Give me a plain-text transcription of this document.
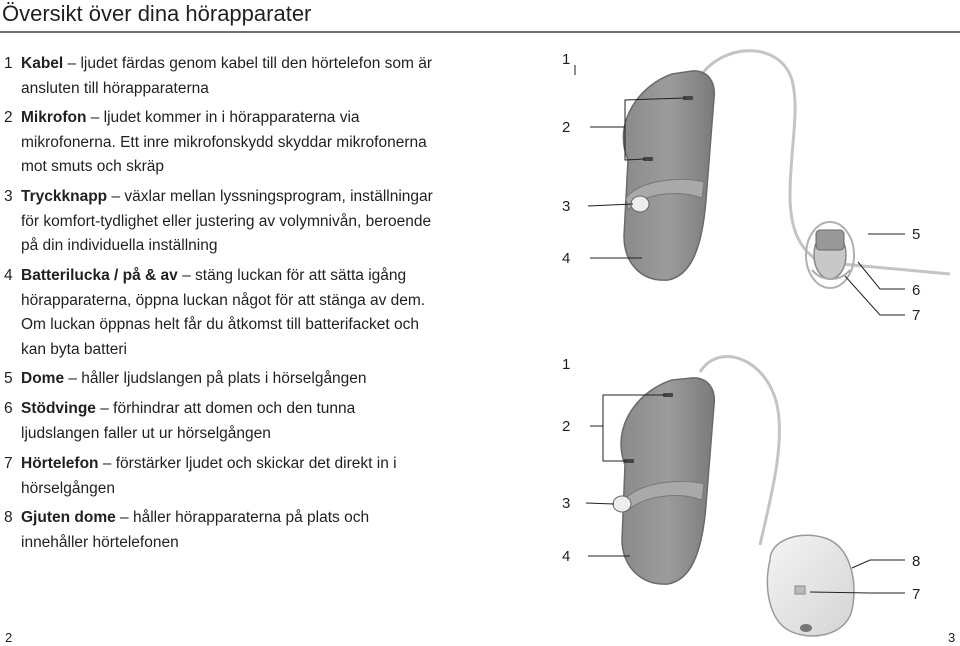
Översikt över dina hörapparater
1 Kabel – ljudet färdas genom kabel till den hörtelefon som är ansluten till hörapparaterna
2 Mikrofon – ljudet kommer in i hörapparaterna via mikrofonerna. Ett inre mikrofonskydd skyddar mikrofonerna mot smuts och skräp
3 Tryckknapp – växlar mellan lyssningsprogram, inställningar för komfort-tydlighet eller justering av volymnivån, beroende på din individuella inställning
4 Batterilucka / på & av – stäng luckan för att sätta igång hörapparaterna, öppna luckan något för att stänga av dem. Om luckan öppnas helt får du åtkomst till batterifacket och kan byta batteri
5 Dome – håller ljudslangen på plats i hörselgången
6 Stödvinge – förhindrar att domen och den tunna ljudslangen faller ut ur hörselgången
7 Hörtelefon – förstärker ljudet och skickar det direkt in i hörselgången
8 Gjuten dome – håller hörapparaterna på plats och innehåller hörtelefonen
1
2
3
4
5
6
7
1
2
3
4	8
7
2	3
